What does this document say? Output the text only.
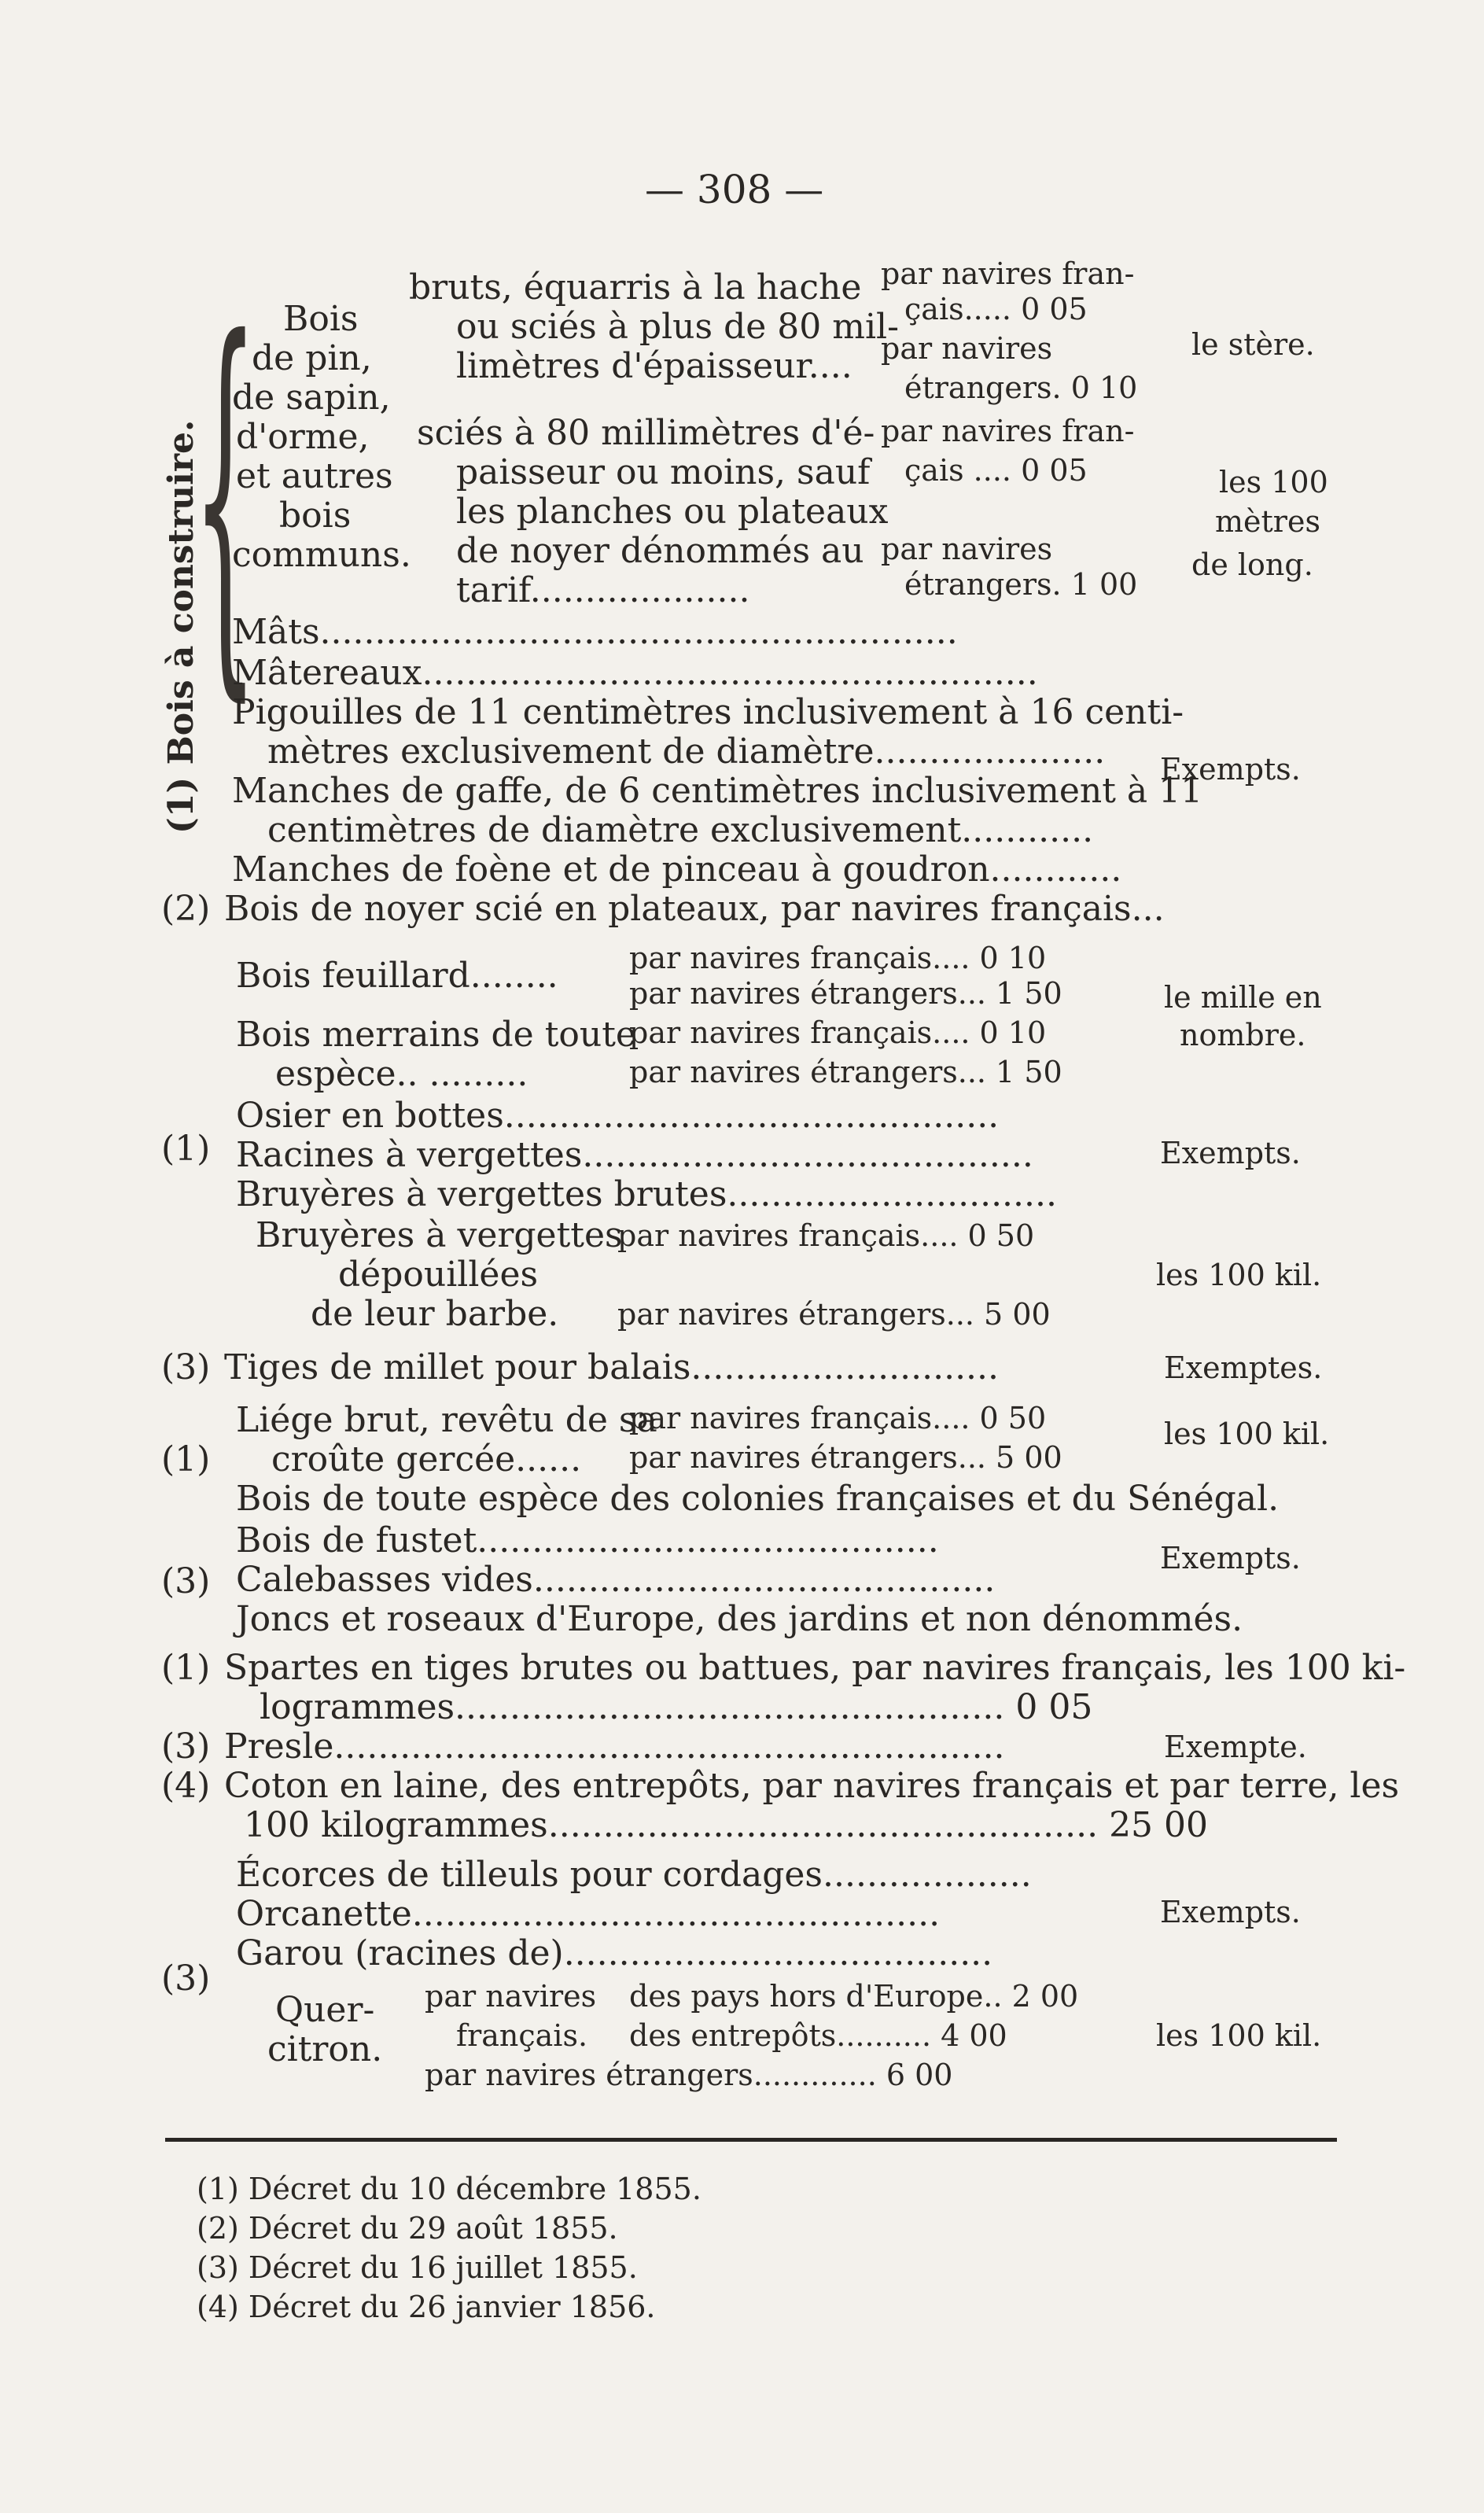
— 308 —
(1) Bois à construire.
{ Bois
de pin,
de sapin,
d'orme,
et autres
bois
communs.
bruts, équarris à la hache
ou sciés à plus de 80 mil-
limètres d'épaisseur....
par navires fran-
çais..... 0 05
par navires
étrangers. 0 10
le stère.
sciés à 80 millimètres d'é-
paisseur ou moins, sauf
les planches ou plateaux
de noyer dénommés au
tarif....................
par navires fran-
çais .... 0 05
par navires
étrangers. 1 00
les 100
mètres
de long.
Mâts..........................................................
Mâtereaux........................................................
Pigouilles de 11 centimètres inclusivement à 16 centi-
mètres exclusivement de diamètre.....................
Manches de gaffe, de 6 centimètres inclusivement à 11
centimètres de diamètre exclusivement............
Manches de foène et de pinceau à goudron............
Exempts.
(2) Bois de noyer scié en plateaux, par navires français...
(1)
Bois feuillard........ par navires français.... 0 10
par navires étrangers... 1 50
Bois merrains de toute
espèce.. .........
par navires français.... 0 10
par navires étrangers... 1 50
le mille en
nombre.
Osier en bottes.............................................
Racines à vergettes.........................................
Bruyères à vergettes brutes..............................
Exempts.
Bruyères à vergettes
dépouillées
de leur barbe.
par navires français.... 0 50
par navires étrangers... 5 00
les 100 kil.
(3) Tiges de millet pour balais............................	Exemptes.
(1)
Liége brut, revêtu de sa
croûte gercée......
par navires français.... 0 50
par navires étrangers... 5 00
les 100 kil.
Bois de toute espèce des colonies françaises et du Sénégal.
(3)
Bois de fustet..........................................
Calebasses vides..........................................
Joncs et roseaux d'Europe, des jardins et non dénommés.
Exempts.
(1) Spartes en tiges brutes ou battues, par navires français, les 100 ki-
logrammes.................................................. 0 05
(3) Presle.............................................................	Exempte.
(4) Coton en laine, des entrepôts, par navires français et par terre, les
100 kilogrammes.................................................. 25 00
(3)
Écorces de tilleuls pour cordages...................
Orcanette................................................
Garou (racines de).......................................
Exempts.
Quer-
citron.
par navires
français.
des pays hors d'Europe.. 2 00
des entrepôts.......... 4 00
par navires étrangers............. 6 00
les 100 kil.
(1) Décret du 10 décembre 1855.
(2) Décret du 29 août 1855.
(3) Décret du 16 juillet 1855.
(4) Décret du 26 janvier 1856.
